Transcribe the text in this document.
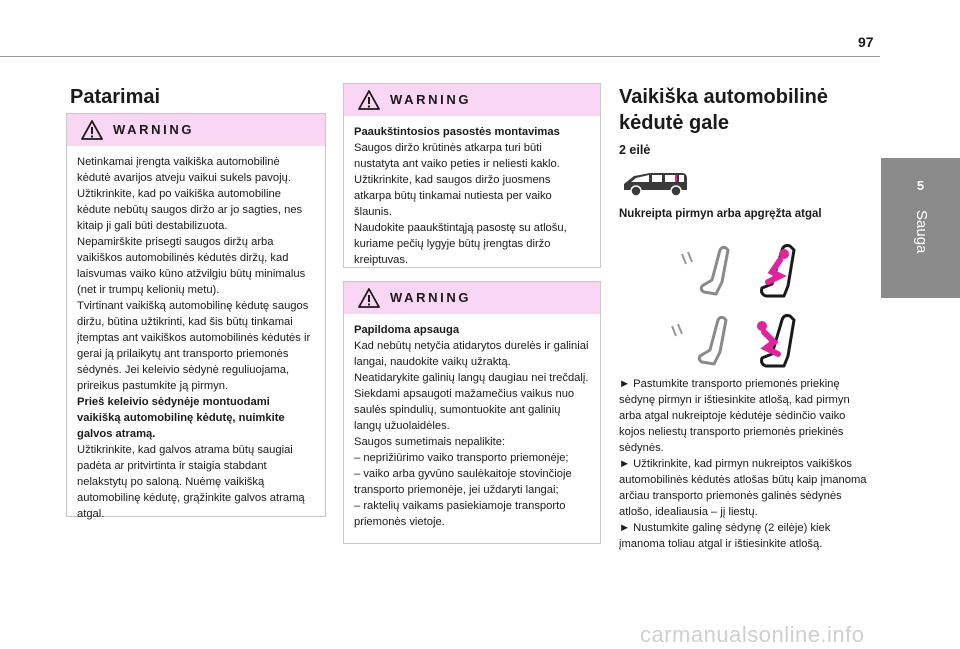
97
5
Sauga
Patarimai
WARNING

Netinkamai įrengta vaikiška automobilinė kėdutė avarijos atveju vaikui sukels pavojų.

Užtikrinkite, kad po vaikiška automobiline kėdute nebūtų saugos diržo ar jo sagties, nes kitaip ji gali būti destabilizuota.

Nepamirškite prisegti saugos diržų arba vaikiškos automobilinės kėdutės diržų, kad laisvumas vaiko kūno atžvilgiu būtų minimalus (net ir trumpų kelionių metu).

Tvirtinant vaikišką automobilinę kėdutę saugos diržu, būtina užtikrinti, kad šis būtų tinkamai įtemptas ant vaikiškos automobilinės kėdutės ir gerai ją prilaikytų ant transporto priemonės sėdynės. Jei keleivio sėdynė reguliuojama, prireikus pastumkite ją pirmyn.

Prieš keleivio sėdynėje montuodami vaikišką automobilinę kėdutę, nuimkite galvos atramą.

Užtikrinkite, kad galvos atrama būtų saugiai padėta ar pritvirtinta ir staigia stabdant nelakstytų po saloną. Nuėmę vaikišką automobilinę kėdutę, grąžinkite galvos atramą atgal.

WARNING

Paaukštintosios pasostės montavimas

Saugos diržo krūtinės atkarpa turi būti nustatyta ant vaiko peties ir neliesti kaklo.

Užtikrinkite, kad saugos diržo juosmens atkarpa būtų tinkamai nutiesta per vaiko šlaunis.

Naudokite paaukštintąją pasostę su atlošu, kuriame pečių lygyje būtų įrengtas diržo kreiptuvas.

WARNING

Papildoma apsauga

Kad nebūtų netyčia atidarytos durelės ir galiniai langai, naudokite vaikų užraktą.

Neatidarykite galinių langų daugiau nei trečdalį.

Siekdami apsaugoti mažamečius vaikus nuo saulės spindulių, sumontuokite ant galinių langų užuolaidėles.

Saugos sumetimais nepalikite:

– neprižiūrimo vaiko transporto priemonėje;

– vaiko arba gyvūno saulėkaitoje stovinčioje transporto priemonėje, jei uždaryti langai;

– raktelių vaikams pasiekiamoje transporto priemonės vietoje.

Vaikiška automobilinė
kėdutė gale
2 eilė
Nukreipta pirmyn arba apgręžta atgal

► Pastumkite transporto priemonės priekinę sėdynę pirmyn ir ištiesinkite atlošą, kad pirmyn arba atgal nukreiptoje kėdutėje sėdinčio vaiko kojos neliestų transporto priemonės priekinės sėdynės.

► Užtikrinkite, kad pirmyn nukreiptos vaikiškos automobilinės kėdutės atlošas būtų kaip įmanoma arčiau transporto priemonės galinės sėdynės atlošo, idealiausia – jį liestų.

► Nustumkite galinę sėdynę (2 eilėje) kiek įmanoma toliau atgal ir ištiesinkite atlošą.

carmanualsonline.info
